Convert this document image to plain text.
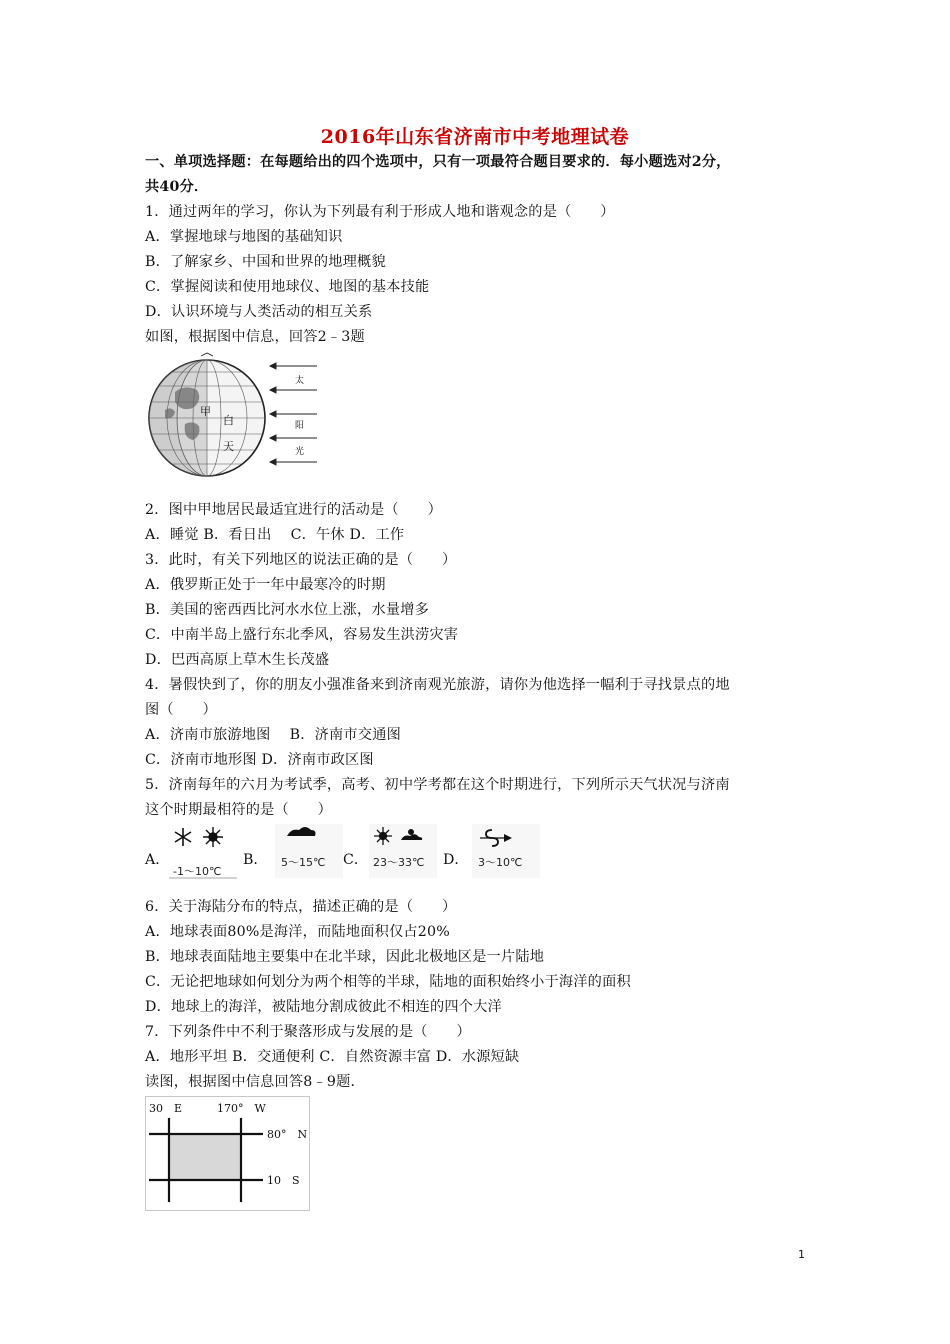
2016年山东省济南市中考地理试卷
一、单项选择题：在每题给出的四个选项中，只有一项最符合题目要求的．每小题选对2分，
共40分．
1．通过两年的学习，你认为下列最有利于形成人地和谐观念的是（　　）
A．掌握地球与地图的基础知识
B．了解家乡、中国和世界的地理概貌
C．掌握阅读和使用地球仪、地图的基本技能
D．认识环境与人类活动的相互关系
如图，根据图中信息，回答2﹣3题
甲
白
天
太
阳
光
2．图中甲地居民最适宜进行的活动是（　　）
A．睡觉 B．看日出　 C．午休 D．工作
3．此时，有关下列地区的说法正确的是（　　）
A．俄罗斯正处于一年中最寒冷的时期
B．美国的密西西比河水水位上涨，水量增多
C．中南半岛上盛行东北季风，容易发生洪涝灾害
D．巴西高原上草木生长茂盛
4．暑假快到了，你的朋友小强准备来到济南观光旅游，请你为他选择一幅利于寻找景点的地
图（　　）
A．济南市旅游地图　 B．济南市交通图
C．济南市地形图 D．济南市政区图
5．济南每年的六月为考试季，高考、初中学考都在这个时期进行，下列所示天气状况与济南
这个时期最相符的是（　　）
A．
-1～10℃
B． 5～15℃ C． 23～33℃ D． 3～10℃
6．关于海陆分布的特点，描述正确的是（　　）
A．地球表面80%是海洋，而陆地面积仅占20%
B．地球表面陆地主要集中在北半球，因此北极地区是一片陆地
C．无论把地球如何划分为两个相等的半球，陆地的面积始终小于海洋的面积
D．地球上的海洋，被陆地分割成彼此不相连的四个大洋
7．下列条件中不利于聚落形成与发展的是（　　）
A．地形平坦 B．交通便利 C．自然资源丰富 D．水源短缺
读图，根据图中信息回答8﹣9题．
30　E	170°　W
80°　N
10　S
1
